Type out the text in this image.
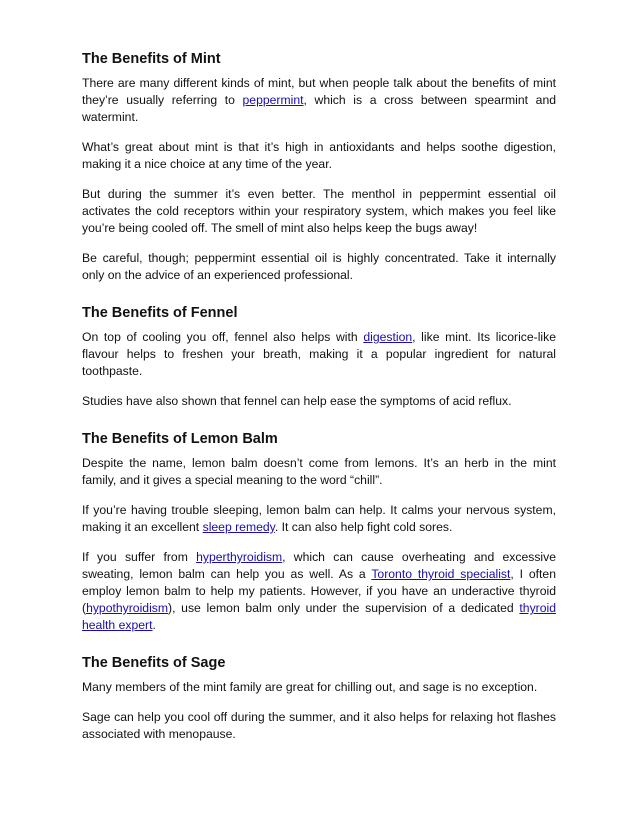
The Benefits of Mint

There are many different kinds of mint, but when people talk about the benefits of mint they’re usually referring to peppermint, which is a cross between spearmint and watermint.

What’s great about mint is that it’s high in antioxidants and helps soothe digestion, making it a nice choice at any time of the year.

But during the summer it’s even better. The menthol in peppermint essential oil activates the cold receptors within your respiratory system, which makes you feel like you’re being cooled off. The smell of mint also helps keep the bugs away!

Be careful, though; peppermint essential oil is highly concentrated. Take it internally only on the advice of an experienced professional.

The Benefits of Fennel

On top of cooling you off, fennel also helps with digestion, like mint. Its licorice-like flavour helps to freshen your breath, making it a popular ingredient for natural toothpaste.

Studies have also shown that fennel can help ease the symptoms of acid reflux.

The Benefits of Lemon Balm

Despite the name, lemon balm doesn’t come from lemons. It’s an herb in the mint family, and it gives a special meaning to the word “chill”.

If you’re having trouble sleeping, lemon balm can help. It calms your nervous system, making it an excellent sleep remedy. It can also help fight cold sores.

If you suffer from hyperthyroidism, which can cause overheating and excessive sweating, lemon balm can help you as well. As a Toronto thyroid specialist, I often employ lemon balm to help my patients. However, if you have an underactive thyroid (hypothyroidism), use lemon balm only under the supervision of a dedicated thyroid health expert.

The Benefits of Sage

Many members of the mint family are great for chilling out, and sage is no exception.

Sage can help you cool off during the summer, and it also helps for relaxing hot flashes associated with menopause.
